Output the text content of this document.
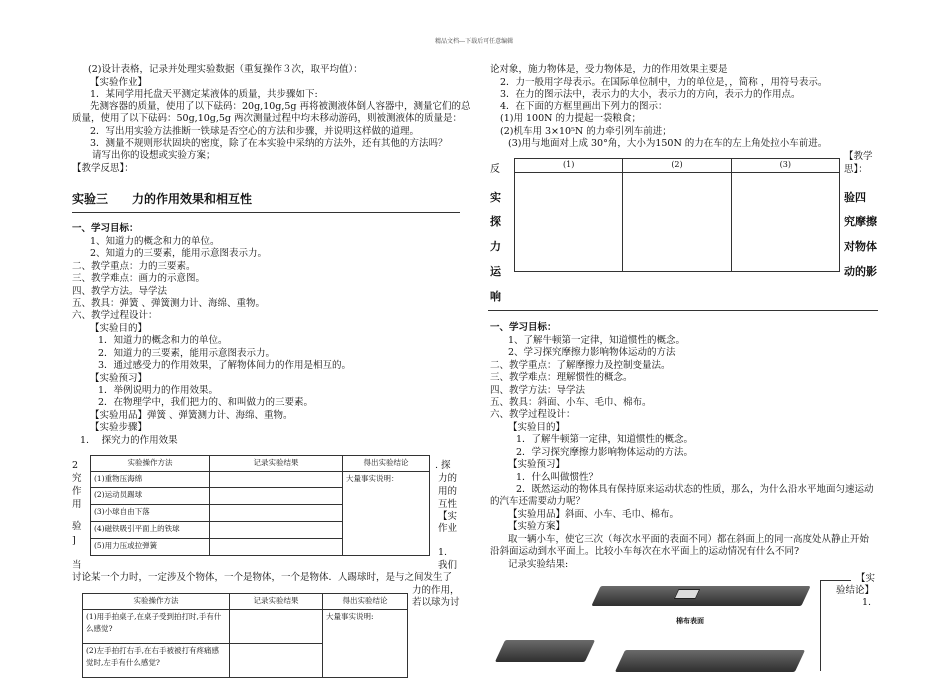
精品文档---下载后可任意编辑
(2)设计表格，记录并处理实验数据（重复操作３次，取平均值）：
【实验作业】
1．某同学用托盘天平测定某液体的质量，共步骤如下:
先测容器的质量，使用了以下砝码：20g,10g,5g 再将被测液体倒人容器中，测量它们的总
质量，使用了以下砝码：50g,10g,5g 两次测量过程中均未移动游码，则被测液体的质量是：
2．写出用实验方法推断一铁球是否空心的方法和步骤，并说明这样做的道理。
3．测量不规则形状固块的密度，除了在本实验中采纳的方法外，还有其他的方法吗？
请写出你的设想或实验方案；
【教学反思】：
实验三　　力的作用效果和相互性
一、学习目标：
1、知道力的概念和力的单位。
2、知道力的三要素，能用示意图表示力。
二、教学重点：力的三要素。
三、教学难点：画力的示意图。
四、教学方法。导学法
五、教具：弹簧 、弹簧测力计、海绵、重物。
六、教学过程设计：
【实验目的】
1．知道力的概念和力的单位。
2．知道力的三要素，能用示意图表示力。
3．通过感受力的作用效果，了解物体间力的作用是相互的。
【实验预习】
1．举例说明力的作用效果。
2．在物理学中，我们把力的、和叫做力的三要素。
【实验用品】弹簧 、弹簧测力计、海绵、重物。
【实验步骤】
1.　 探究力的作用效果
2
究
作
用
验
]
实验操作方法	记录实验结果	得出实验结论
(1)重物压海绵		大量事实说明：
(2)运动员踢球		
(3)小球自由下落		
(4)磁铁吸引平面上的铁球		
(5)用力压或拉弹簧		
. 探
力的
用的
互性
【实
作业
1.
当
讨论某一个力时，一定涉及个物体，一个是物体，一个是物体．人踢球时，是与之间发生了
我们
力的作用，
若以球为讨
实验操作方法	记录实验结果	得出实验结论
(1)用手拍桌子,在桌子受到拍打时,手有什么感觉?		大量事实说明:
(2)左手拍打右手,在右手被被打有疼痛感觉时,左手有什么感觉?		
论对象，施力物体是，受力物体是，力的作用效果主要是
2．力一般用字母表示。在国际单位制中，力的单位是，，简称 ，用符号表示。
3．在力的图示法中，表示力的大小，表示力的方向，表示力的作用点。
4．在下面的方框里画出下列力的图示：
(1)用 100N 的力提起一袋粮食；
(2)机车用 3×10⁵N 的力牵引列车前进；
(3)用与地面对上成 30°角，大小为150N 的力在车的左上角处拉小车前进。
(1)	(2)	(3)
反
实
探
力
运
响
【教学
思】：
验四
究摩擦
对物体
动的影
一、学习目标：
1、了解牛顿第一定律，知道惯性的概念。
2、学习探究摩擦力影响物体运动的方法
二、教学重点：了解摩擦力及控制变量法。
三、教学难点：理解惯性的概念。
四、教学方法：导学法
五、教具：斜面、小车、毛巾、棉布。
六、教学过程设计：
【实验目的】
1．了解牛顿第一定律，知道惯性的概念。
2．学习探究摩擦力影响物体运动的方法。
【实验预习】
1．什么叫做惯性？
2．既然运动的物体具有保持原来运动状态的性质，那么，为什么沿水平地面匀速运动
的汽车还需要动力呢？
【实验用品】斜面、小车、毛巾、棉布。
【实验方案】
取一辆小车，使它三次（每次水平面的表面不同）都在斜面上的同一高度处从静止开始
沿斜面运动到水平面上。比较小车每次在水平面上的运动情况有什么不同?
记录实验结果:
【实
验结论】
1.
棉布表面
